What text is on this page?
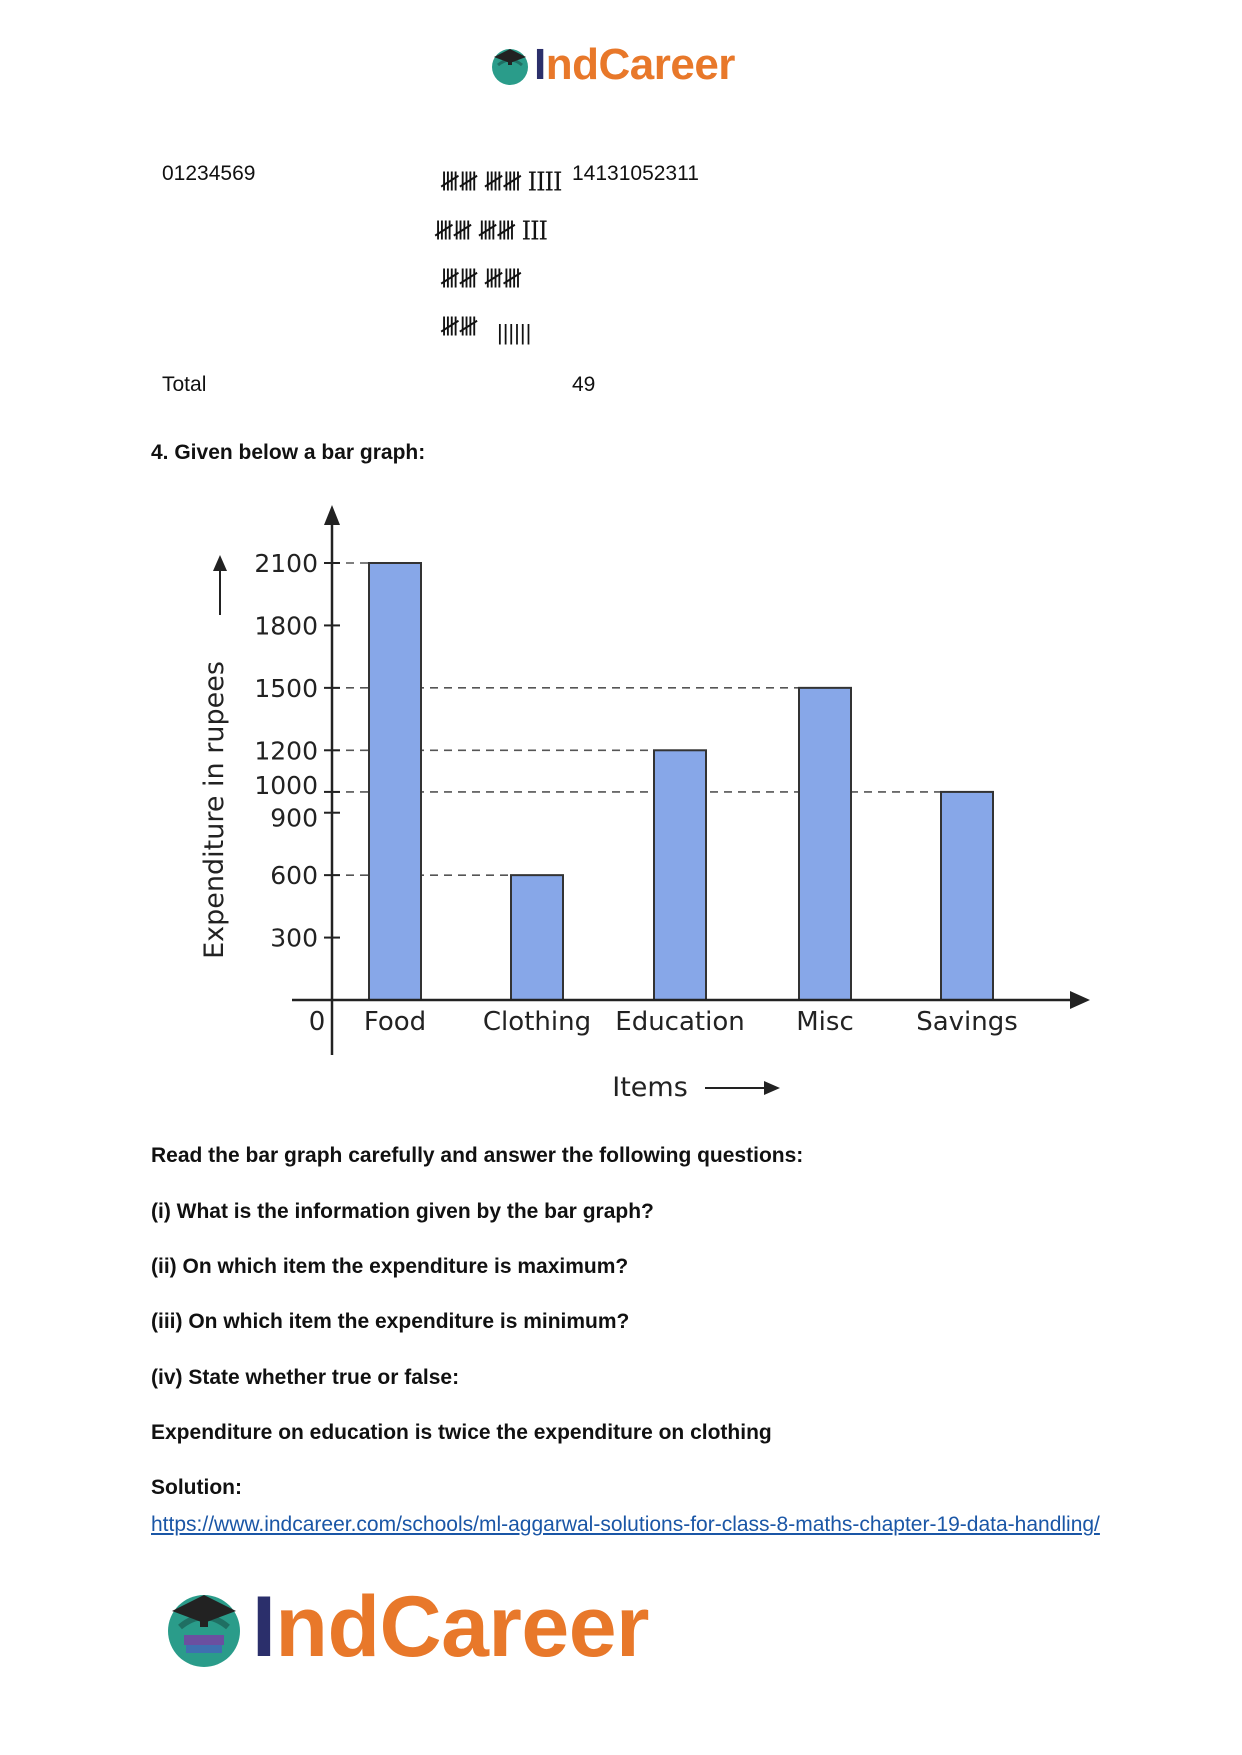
IndCareer
01234569	𝍸𝍸 𝍸𝍸 IIII 14131052311
𝍸𝍸 𝍸𝍸 III
𝍸𝍸 𝍸𝍸
𝍸𝍸 ||||||
Total	49
4. Given below a bar graph:
Food Clothing Education Misc Savings
2100
1800
1500
1200
1000
900
600
300
0
Items
Expenditure in rupees
Read the bar graph carefully and answer the following questions:
(i) What is the information given by the bar graph?
(ii) On which item the expenditure is maximum?
(iii) On which item the expenditure is minimum?
(iv) State whether true or false:
Expenditure on education is twice the expenditure on clothing
Solution:
https://www.indcareer.com/schools/ml-aggarwal-solutions-for-class-8-maths-chapter-19-data-handling/
IndCareer
